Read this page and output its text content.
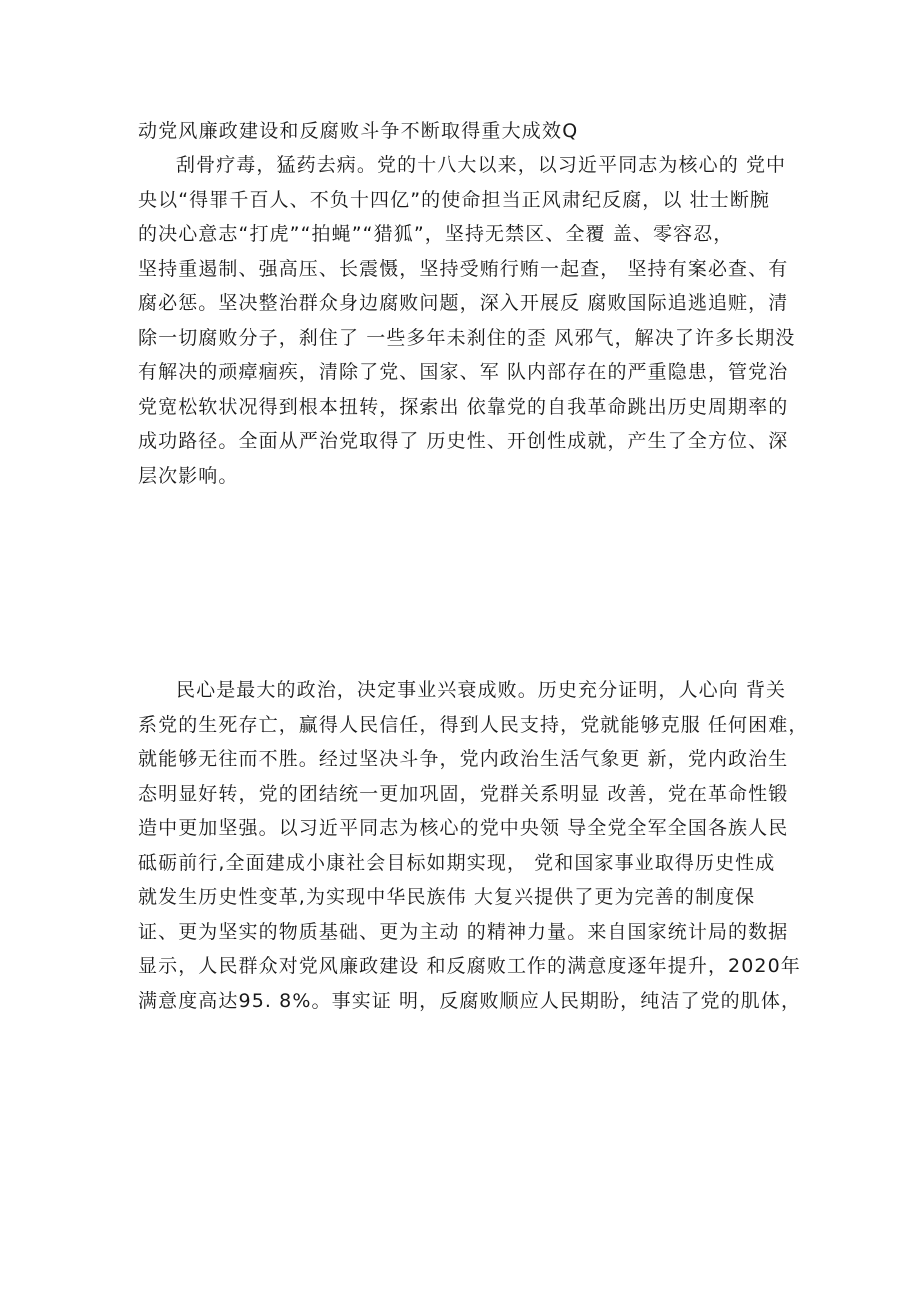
动党风廉政建设和反腐败斗争不断取得重大成效Q
刮骨疗毒，猛药去病。党的十八大以来，以习近平同志为核心的 党中
央以“得罪千百人、不负十四亿”的使命担当正风肃纪反腐，以 壮士断腕
的决心意志“打虎”“拍蝇”“猎狐”，坚持无禁区、全覆 盖、零容忍，
坚持重遏制、强高压、长震慑，坚持受贿行贿一起查， 坚持有案必查、有
腐必惩。坚决整治群众身边腐败问题，深入开展反 腐败国际追逃追赃，清
除一切腐败分子，刹住了 一些多年未刹住的歪 风邪气，解决了许多长期没
有解决的顽瘴痼疾，清除了党、国家、军 队内部存在的严重隐患，管党治
党宽松软状况得到根本扭转，探索出 依靠党的自我革命跳出历史周期率的
成功路径。全面从严治党取得了 历史性、开创性成就，产生了全方位、深
层次影响。
民心是最大的政治，决定事业兴衰成败。历史充分证明，人心向 背关
系党的生死存亡，赢得人民信任，得到人民支持，党就能够克服 任何困难，
就能够无往而不胜。经过坚决斗争，党内政治生活气象更 新，党内政治生
态明显好转，党的团结统一更加巩固，党群关系明显 改善，党在革命性锻
造中更加坚强。以习近平同志为核心的党中央领 导全党全军全国各族人民
砥砺前行,全面建成小康社会目标如期实现， 党和国家事业取得历史性成
就发生历史性变革,为实现中华民族伟 大复兴提供了更为完善的制度保
证、更为坚实的物质基础、更为主动 的精神力量。来自国家统计局的数据
显示，人民群众对党风廉政建设 和反腐败工作的满意度逐年提升，2020年
满意度高达95. 8%。事实证 明，反腐败顺应人民期盼，纯洁了党的肌体，
